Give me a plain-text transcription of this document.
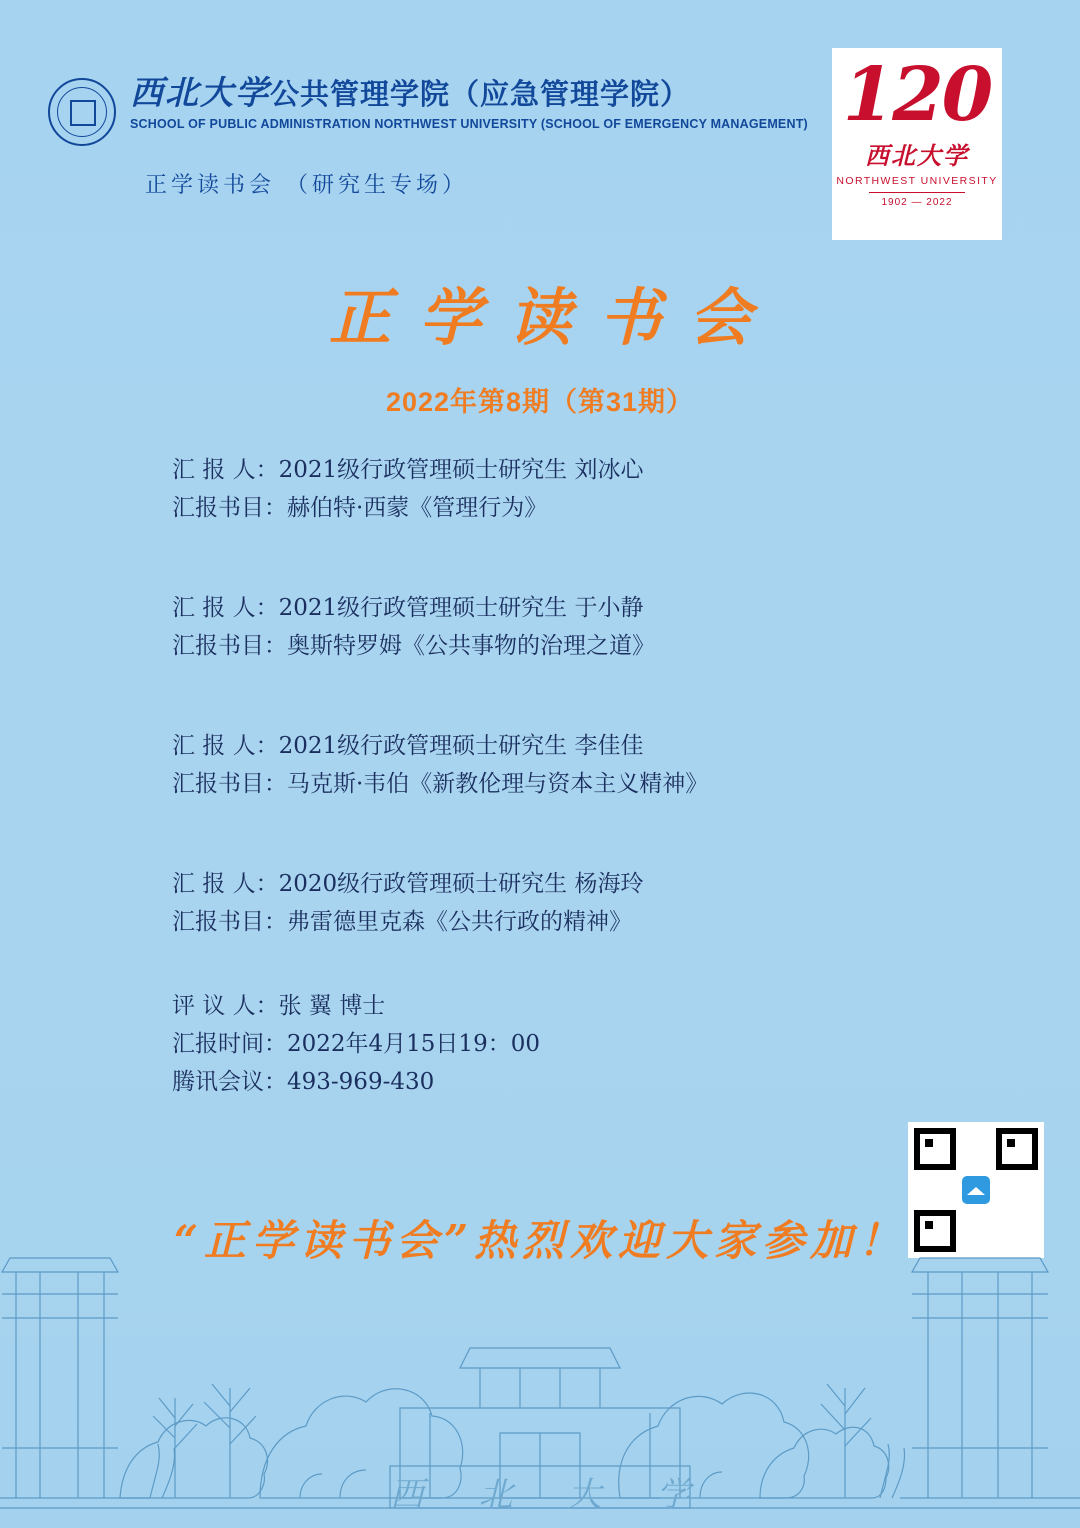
西北大学公共管理学院（应急管理学院）
SCHOOL OF PUBLIC ADMINISTRATION NORTHWEST UNIVERSITY (SCHOOL OF EMERGENCY MANAGEMENT)
正学读书会 （研究生专场）
120
西北大学
NORTHWEST UNIVERSITY
1902 — 2022
正学读书会
2022年第8期（第31期）
汇 报 人：2021级行政管理硕士研究生 刘冰心
汇报书目：赫伯特·西蒙《管理行为》
汇 报 人：2021级行政管理硕士研究生 于小静
汇报书目：奥斯特罗姆《公共事物的治理之道》
汇 报 人：2021级行政管理硕士研究生 李佳佳
汇报书目：马克斯·韦伯《新教伦理与资本主义精神》
汇 报 人：2020级行政管理硕士研究生 杨海玲
汇报书目：弗雷德里克森《公共行政的精神》
评 议 人：张 翼 博士
汇报时间：2022年4月15日19：00
腾讯会议：493-969-430
“正学读书会”热烈欢迎大家参加！
西 北 大 学
